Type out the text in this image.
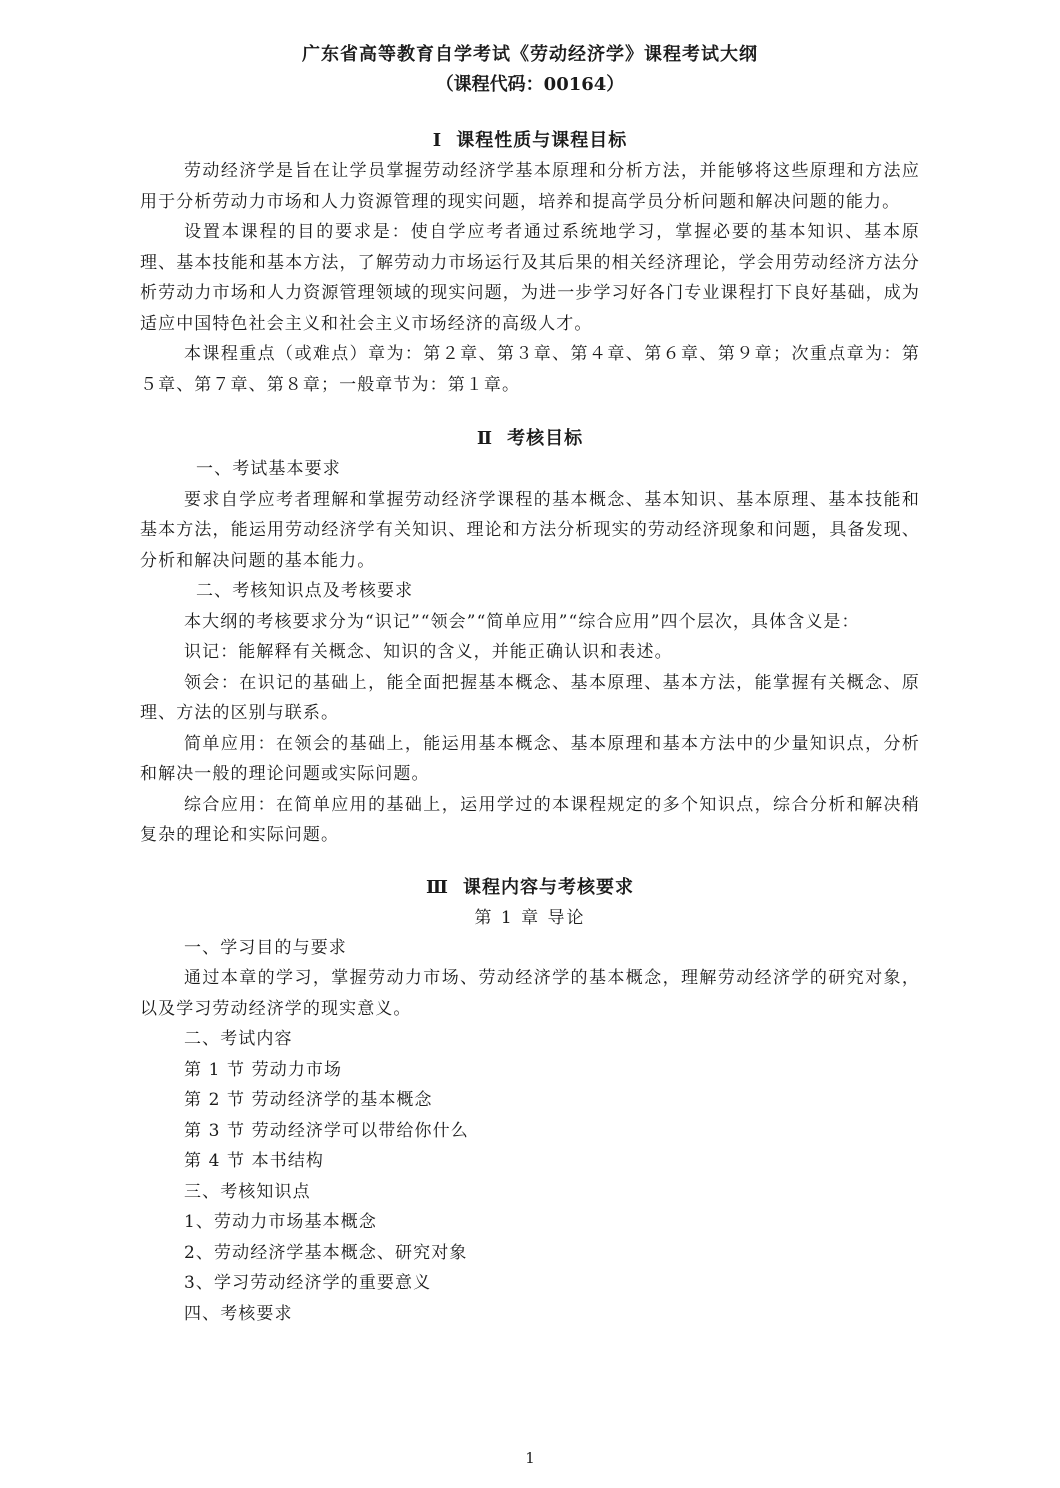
广东省高等教育自学考试《劳动经济学》课程考试大纲
（课程代码：00164）
Ⅰ 课程性质与课程目标

劳动经济学是旨在让学员掌握劳动经济学基本原理和分析方法，并能够将这些原理和方法应用于分析劳动力市场和人力资源管理的现实问题，培养和提高学员分析问题和解决问题的能力。

设置本课程的目的要求是：使自学应考者通过系统地学习，掌握必要的基本知识、基本原理、基本技能和基本方法，了解劳动力市场运行及其后果的相关经济理论，学会用劳动经济方法分析劳动力市场和人力资源管理领域的现实问题，为进一步学习好各门专业课程打下良好基础，成为适应中国特色社会主义和社会主义市场经济的高级人才。

本课程重点（或难点）章为：第２章、第３章、第４章、第６章、第９章；次重点章为：第５章、第７章、第８章；一般章节为：第１章。

Ⅱ 考核目标
一、考试基本要求

要求自学应考者理解和掌握劳动经济学课程的基本概念、基本知识、基本原理、基本技能和基本方法，能运用劳动经济学有关知识、理论和方法分析现实的劳动经济现象和问题，具备发现、分析和解决问题的基本能力。

二、考核知识点及考核要求

本大纲的考核要求分为“识记”“领会”“简单应用”“综合应用”四个层次，具体含义是：

识记：能解释有关概念、知识的含义，并能正确认识和表述。

领会：在识记的基础上，能全面把握基本概念、基本原理、基本方法，能掌握有关概念、原理、方法的区别与联系。

简单应用：在领会的基础上，能运用基本概念、基本原理和基本方法中的少量知识点，分析和解决一般的理论问题或实际问题。

综合应用：在简单应用的基础上，运用学过的本课程规定的多个知识点，综合分析和解决稍复杂的理论和实际问题。

Ⅲ 课程内容与考核要求
第 1 章 导论
一、学习目的与要求

通过本章的学习，掌握劳动力市场、劳动经济学的基本概念，理解劳动经济学的研究对象，以及学习劳动经济学的现实意义。

二、考试内容
第 1 节 劳动力市场
第 2 节 劳动经济学的基本概念
第 3 节 劳动经济学可以带给你什么
第 4 节 本书结构
三、考核知识点
1、劳动力市场基本概念
2、劳动经济学基本概念、研究对象
3、学习劳动经济学的重要意义
四、考核要求
1
